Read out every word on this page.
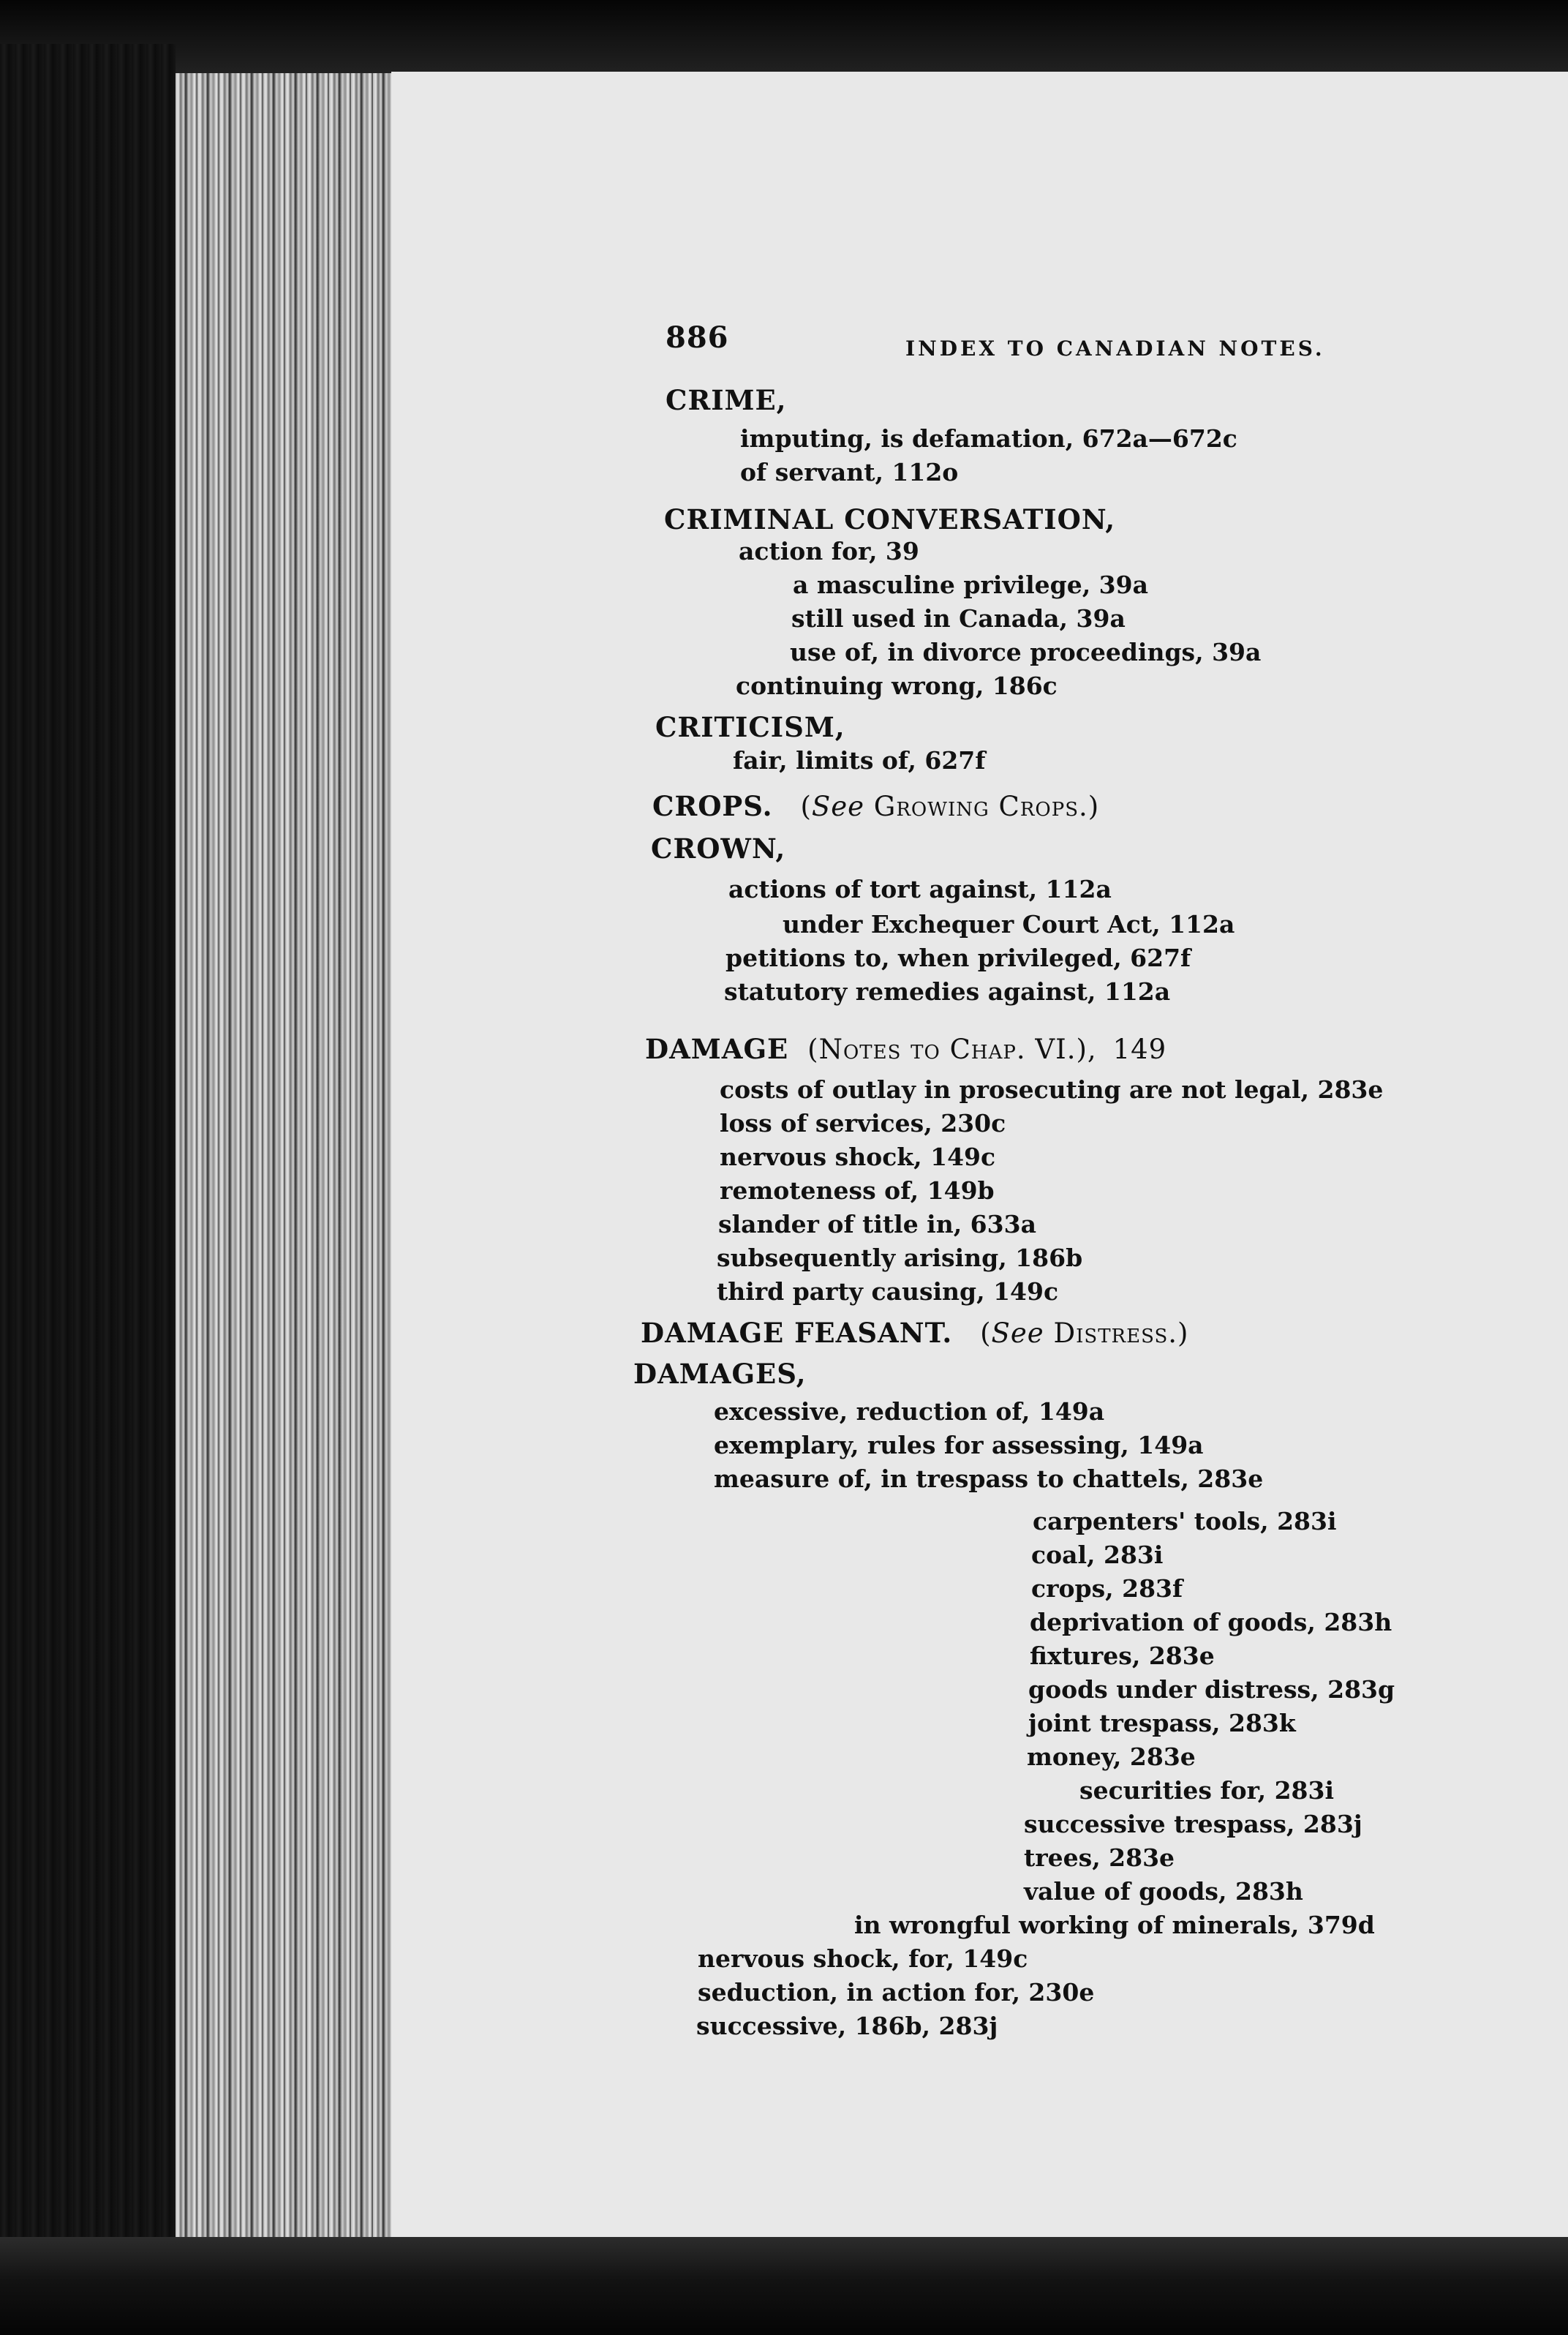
886	INDEX TO CANADIAN NOTES.
CRIME,
imputing, is defamation, 672a—672c
of servant, 112o
CRIMINAL CONVERSATION,
action for, 39
a masculine privilege, 39a
still used in Canada, 39a
use of, in divorce proceedings, 39a
continuing wrong, 186c
CRITICISM,
fair, limits of, 627f
CROPS. (See Growing Crops.)
CROWN,
actions of tort against, 112a
under Exchequer Court Act, 112a
petitions to, when privileged, 627f
statutory remedies against, 112a
DAMAGE (Notes to Chap. VI.), 149
costs of outlay in prosecuting are not legal, 283e
loss of services, 230c
nervous shock, 149c
remoteness of, 149b
slander of title in, 633a
subsequently arising, 186b
third party causing, 149c
DAMAGE FEASANT. (See Distress.)
DAMAGES,
excessive, reduction of, 149a
exemplary, rules for assessing, 149a
measure of, in trespass to chattels, 283e
carpenters' tools, 283i
coal, 283i
crops, 283f
deprivation of goods, 283h
fixtures, 283e
goods under distress, 283g
joint trespass, 283k
money, 283e
securities for, 283i
successive trespass, 283j
trees, 283e
value of goods, 283h
in wrongful working of minerals, 379d
nervous shock, for, 149c
seduction, in action for, 230e
successive, 186b, 283j
